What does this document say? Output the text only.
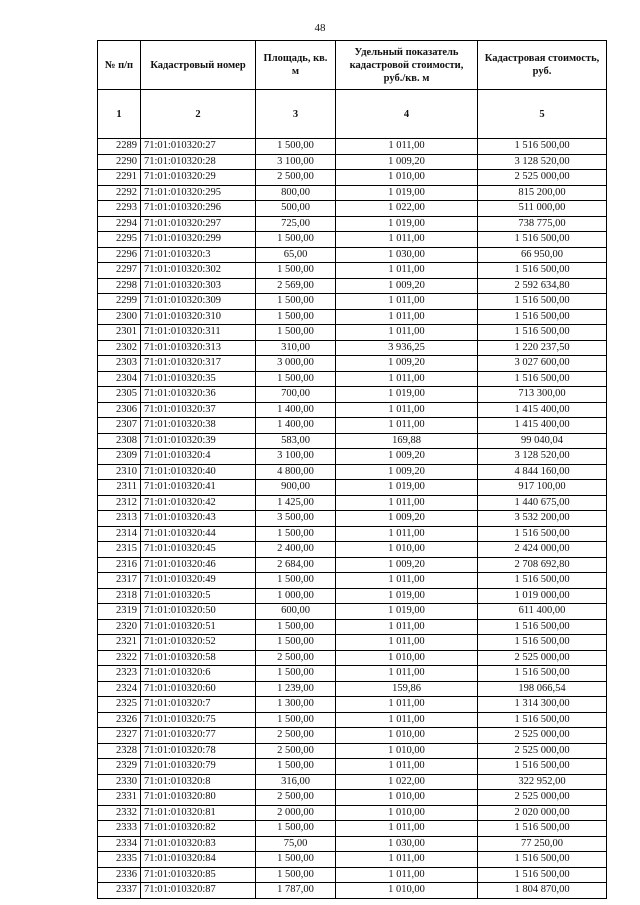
48
№ п/п	Кадастровый номер	Площадь, кв. м	Удельный показатель кадастровой стоимости, руб./кв. м	Кадастровая стоимость, руб.
1	2	3	4	5
2289	71:01:010320:27	1 500,00	1 011,00	1 516 500,00
2290	71:01:010320:28	3 100,00	1 009,20	3 128 520,00
2291	71:01:010320:29	2 500,00	1 010,00	2 525 000,00
2292	71:01:010320:295	800,00	1 019,00	815 200,00
2293	71:01:010320:296	500,00	1 022,00	511 000,00
2294	71:01:010320:297	725,00	1 019,00	738 775,00
2295	71:01:010320:299	1 500,00	1 011,00	1 516 500,00
2296	71:01:010320:3	65,00	1 030,00	66 950,00
2297	71:01:010320:302	1 500,00	1 011,00	1 516 500,00
2298	71:01:010320:303	2 569,00	1 009,20	2 592 634,80
2299	71:01:010320:309	1 500,00	1 011,00	1 516 500,00
2300	71:01:010320:310	1 500,00	1 011,00	1 516 500,00
2301	71:01:010320:311	1 500,00	1 011,00	1 516 500,00
2302	71:01:010320:313	310,00	3 936,25	1 220 237,50
2303	71:01:010320:317	3 000,00	1 009,20	3 027 600,00
2304	71:01:010320:35	1 500,00	1 011,00	1 516 500,00
2305	71:01:010320:36	700,00	1 019,00	713 300,00
2306	71:01:010320:37	1 400,00	1 011,00	1 415 400,00
2307	71:01:010320:38	1 400,00	1 011,00	1 415 400,00
2308	71:01:010320:39	583,00	169,88	99 040,04
2309	71:01:010320:4	3 100,00	1 009,20	3 128 520,00
2310	71:01:010320:40	4 800,00	1 009,20	4 844 160,00
2311	71:01:010320:41	900,00	1 019,00	917 100,00
2312	71:01:010320:42	1 425,00	1 011,00	1 440 675,00
2313	71:01:010320:43	3 500,00	1 009,20	3 532 200,00
2314	71:01:010320:44	1 500,00	1 011,00	1 516 500,00
2315	71:01:010320:45	2 400,00	1 010,00	2 424 000,00
2316	71:01:010320:46	2 684,00	1 009,20	2 708 692,80
2317	71:01:010320:49	1 500,00	1 011,00	1 516 500,00
2318	71:01:010320:5	1 000,00	1 019,00	1 019 000,00
2319	71:01:010320:50	600,00	1 019,00	611 400,00
2320	71:01:010320:51	1 500,00	1 011,00	1 516 500,00
2321	71:01:010320:52	1 500,00	1 011,00	1 516 500,00
2322	71:01:010320:58	2 500,00	1 010,00	2 525 000,00
2323	71:01:010320:6	1 500,00	1 011,00	1 516 500,00
2324	71:01:010320:60	1 239,00	159,86	198 066,54
2325	71:01:010320:7	1 300,00	1 011,00	1 314 300,00
2326	71:01:010320:75	1 500,00	1 011,00	1 516 500,00
2327	71:01:010320:77	2 500,00	1 010,00	2 525 000,00
2328	71:01:010320:78	2 500,00	1 010,00	2 525 000,00
2329	71:01:010320:79	1 500,00	1 011,00	1 516 500,00
2330	71:01:010320:8	316,00	1 022,00	322 952,00
2331	71:01:010320:80	2 500,00	1 010,00	2 525 000,00
2332	71:01:010320:81	2 000,00	1 010,00	2 020 000,00
2333	71:01:010320:82	1 500,00	1 011,00	1 516 500,00
2334	71:01:010320:83	75,00	1 030,00	77 250,00
2335	71:01:010320:84	1 500,00	1 011,00	1 516 500,00
2336	71:01:010320:85	1 500,00	1 011,00	1 516 500,00
2337	71:01:010320:87	1 787,00	1 010,00	1 804 870,00
